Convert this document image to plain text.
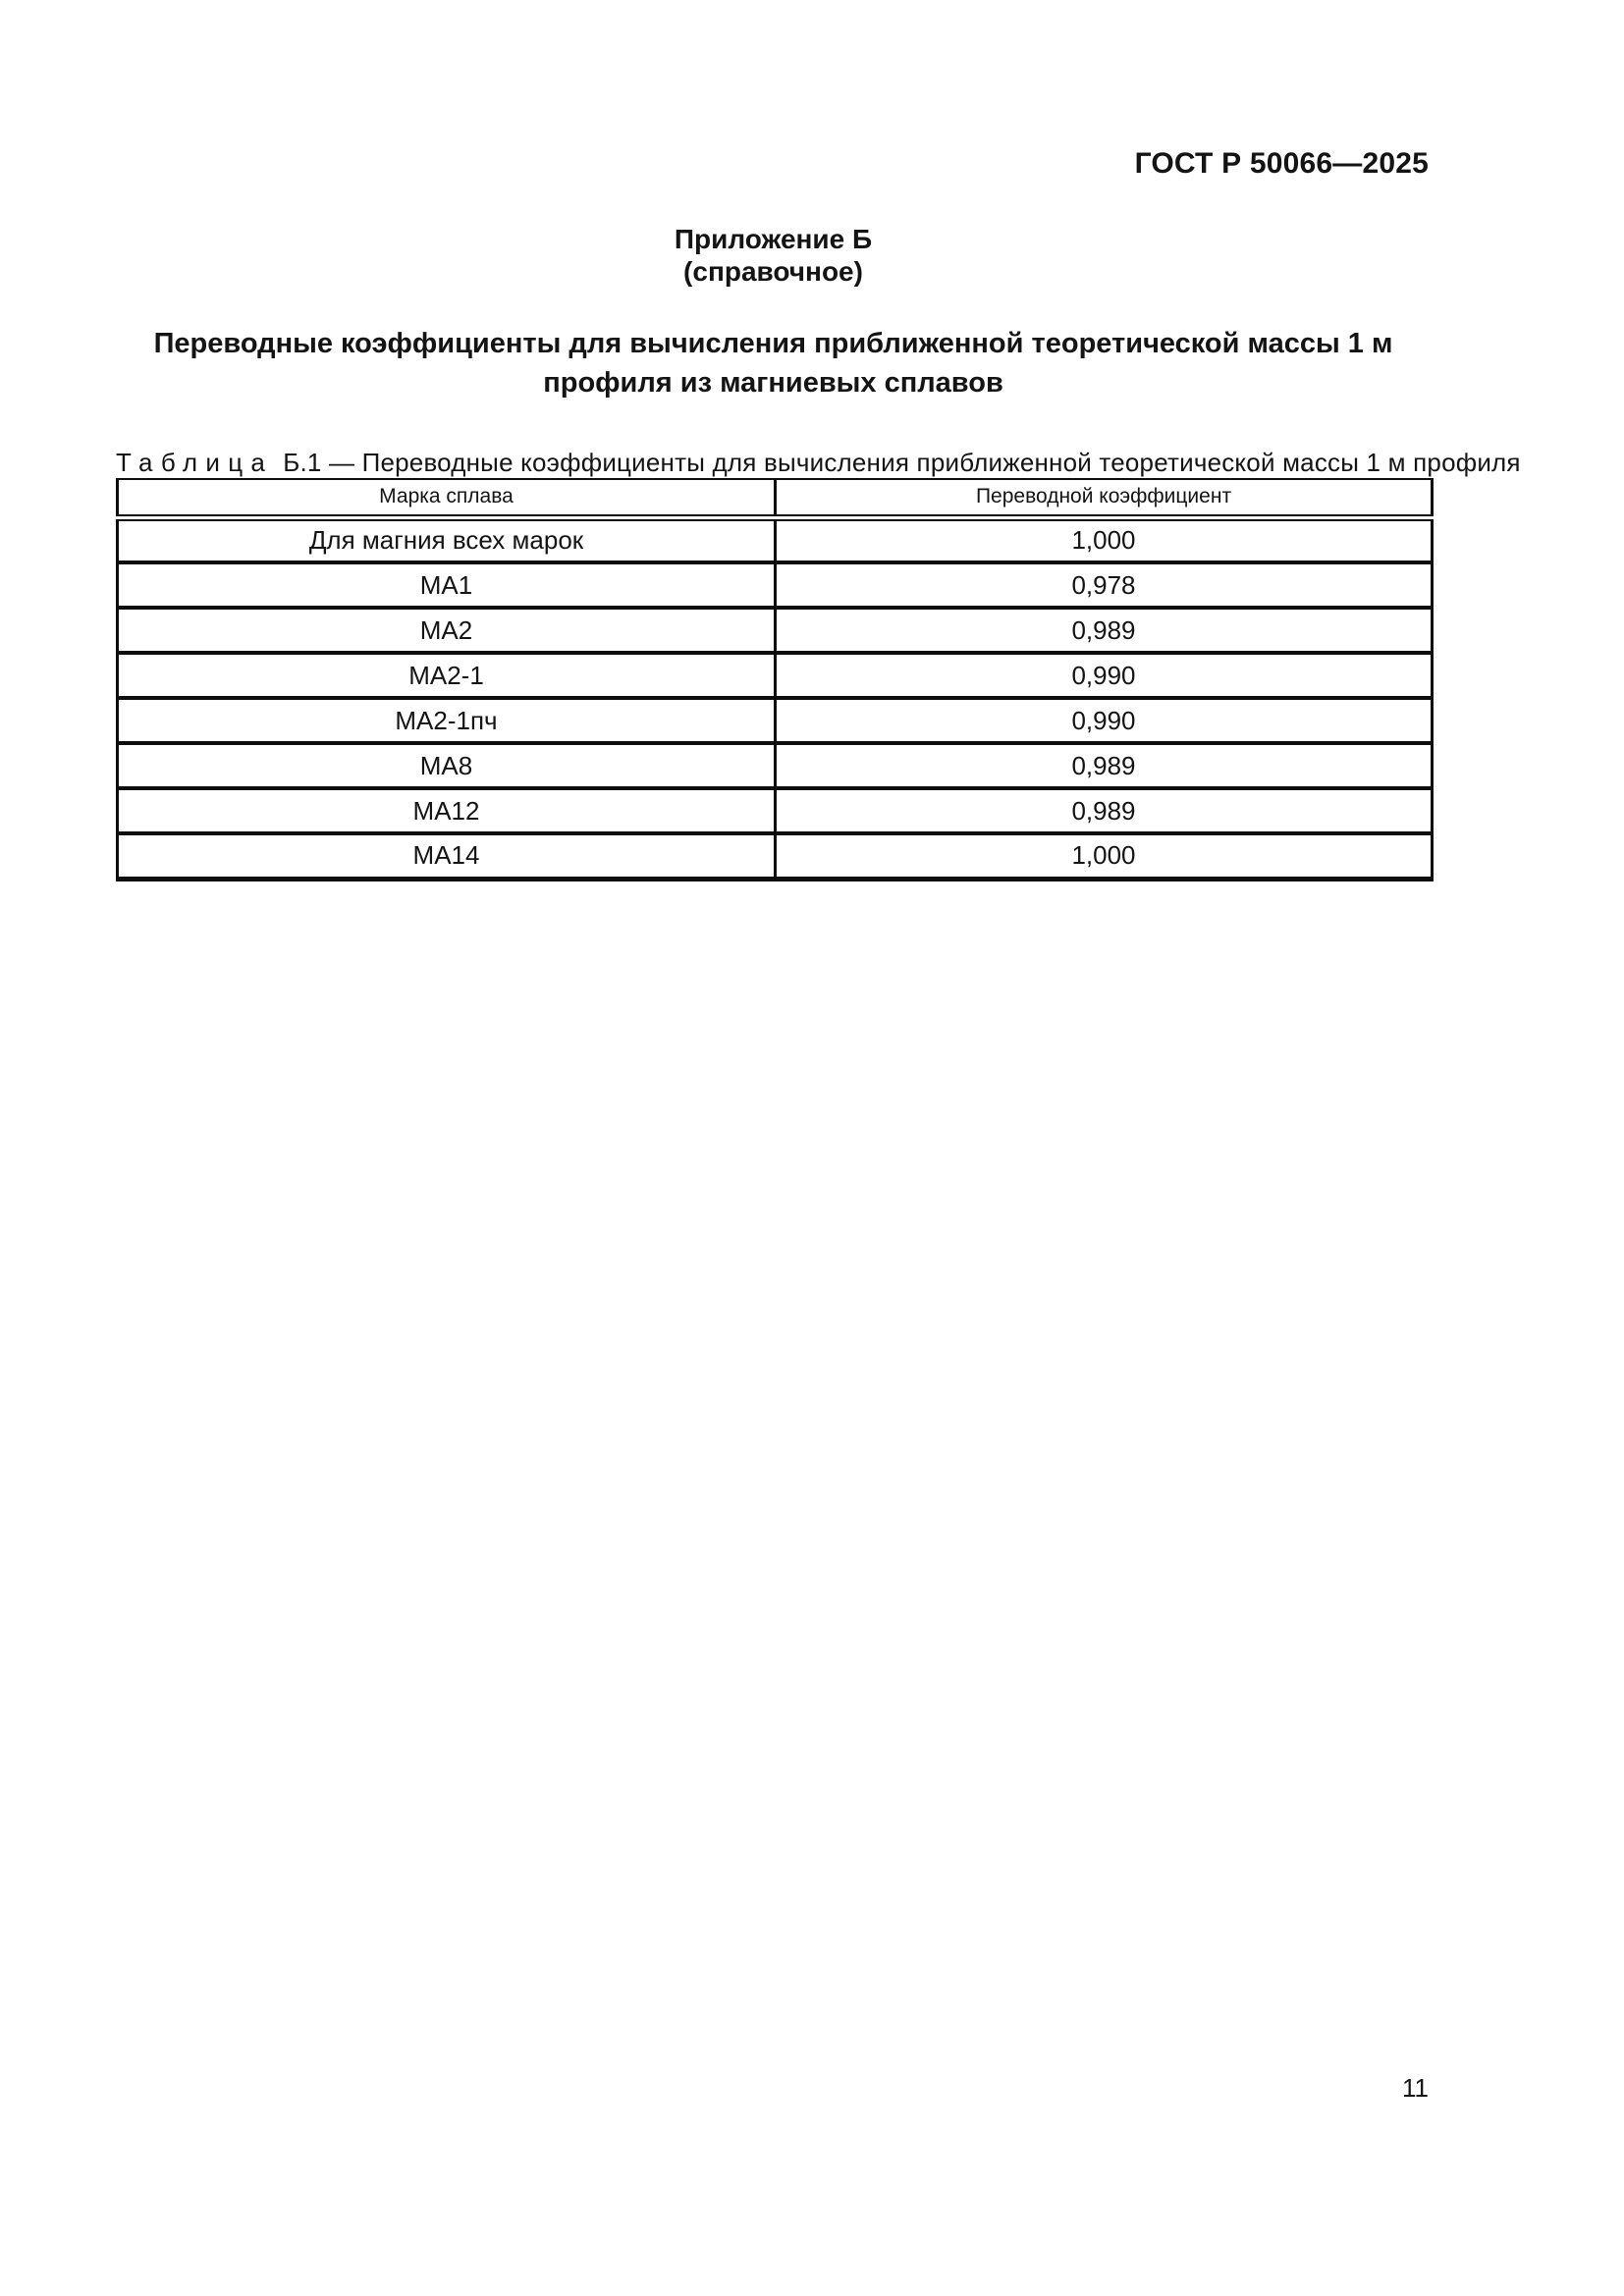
ГОСТ Р 50066—2025
Приложение Б
(справочное)
Переводные коэффициенты для вычисления приближенной теоретической массы 1 м
профиля из магниевых сплавов
Таблица Б.1 — Переводные коэффициенты для вычисления приближенной теоретической массы 1 м профиля
Марка сплава	Переводной коэффициент
Для магния всех марок	1,000
МА1	0,978
МА2	0,989
МА2-1	0,990
МА2-1пч	0,990
МА8	0,989
МА12	0,989
МА14	1,000
11
